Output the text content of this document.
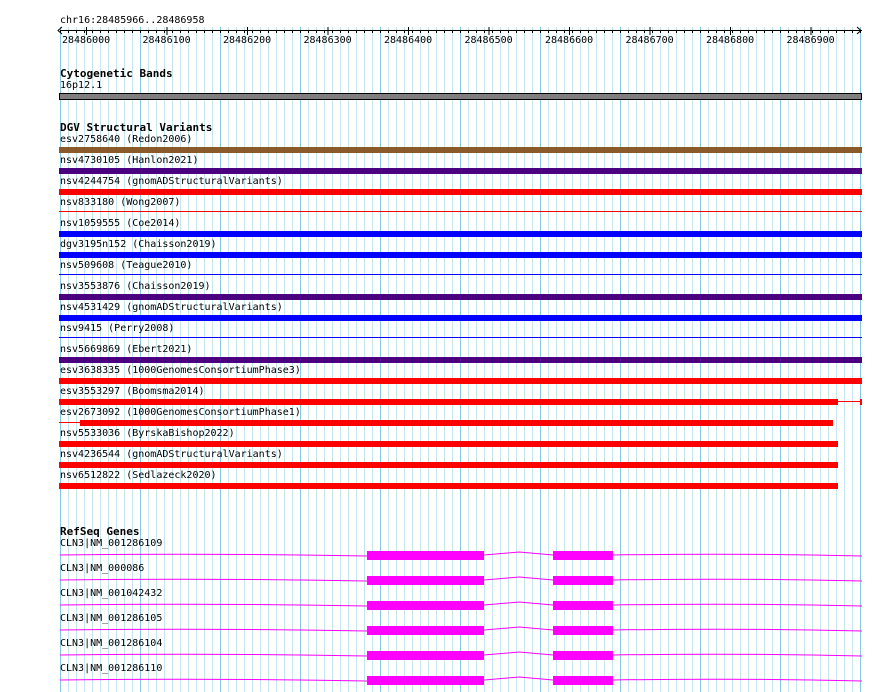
chr16:28485966..28486958
28486000	28486100	28486200	28486300	28486400	28486500	28486600	28486700	28486800	28486900
Cytogenetic Bands
16p12.1
DGV Structural Variants
esv2758640 (Redon2006)
nsv4730105 (Hanlon2021)
nsv4244754 (gnomADStructuralVariants)
nsv833180 (Wong2007)
nsv1059555 (Coe2014)
dgv3195n152 (Chaisson2019)
nsv509608 (Teague2010)
nsv3553876 (Chaisson2019)
nsv4531429 (gnomADStructuralVariants)
nsv9415 (Perry2008)
nsv5669869 (Ebert2021)
esv3638335 (1000GenomesConsortiumPhase3)
esv3553297 (Boomsma2014)
esv2673092 (1000GenomesConsortiumPhase1)
nsv5533036 (ByrskaBishop2022)
nsv4236544 (gnomADStructuralVariants)
nsv6512822 (Sedlazeck2020)
RefSeq Genes
CLN3|NM_001286109
CLN3|NM_000086
CLN3|NM_001042432
CLN3|NM_001286105
CLN3|NM_001286104
CLN3|NM_001286110
